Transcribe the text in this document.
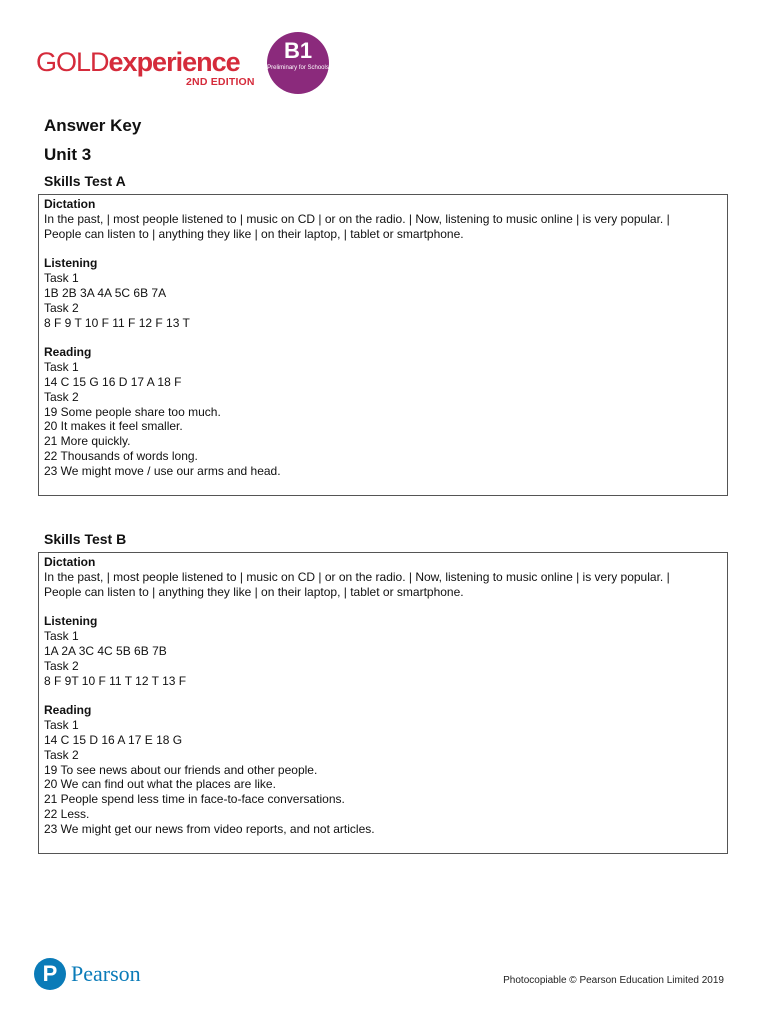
GOLDexperience
2ND EDITION
B1
Preliminary for Schools
Answer Key
Unit 3
Skills Test A
Dictation
In the past, | most people listened to | music on CD | or on the radio. | Now, listening to music online | is very popular. |
People can listen to | anything they like | on their laptop, | tablet or smartphone.
Listening
Task 1
1B 2B 3A 4A 5C 6B 7A
Task 2
8 F 9 T 10 F 11 F 12 F 13 T
Reading
Task 1
14 C 15 G 16 D 17 A 18 F
Task 2
19 Some people share too much.
20 It makes it feel smaller.
21 More quickly.
22 Thousands of words long.
23 We might move / use our arms and head.
Skills Test B
Dictation
In the past, | most people listened to | music on CD | or on the radio. | Now, listening to music online | is very popular. |
People can listen to | anything they like | on their laptop, | tablet or smartphone.
Listening
Task 1
1A 2A 3C 4C 5B 6B 7B
Task 2
8 F 9T 10 F 11 T 12 T 13 F
Reading
Task 1
14 C 15 D 16 A 17 E 18 G
Task 2
19 To see news about our friends and other people.
20 We can find out what the places are like.
21 People spend less time in face-to-face conversations.
22 Less.
23 We might get our news from video reports, and not articles.
P Pearson	Photocopiable © Pearson Education Limited 2019
